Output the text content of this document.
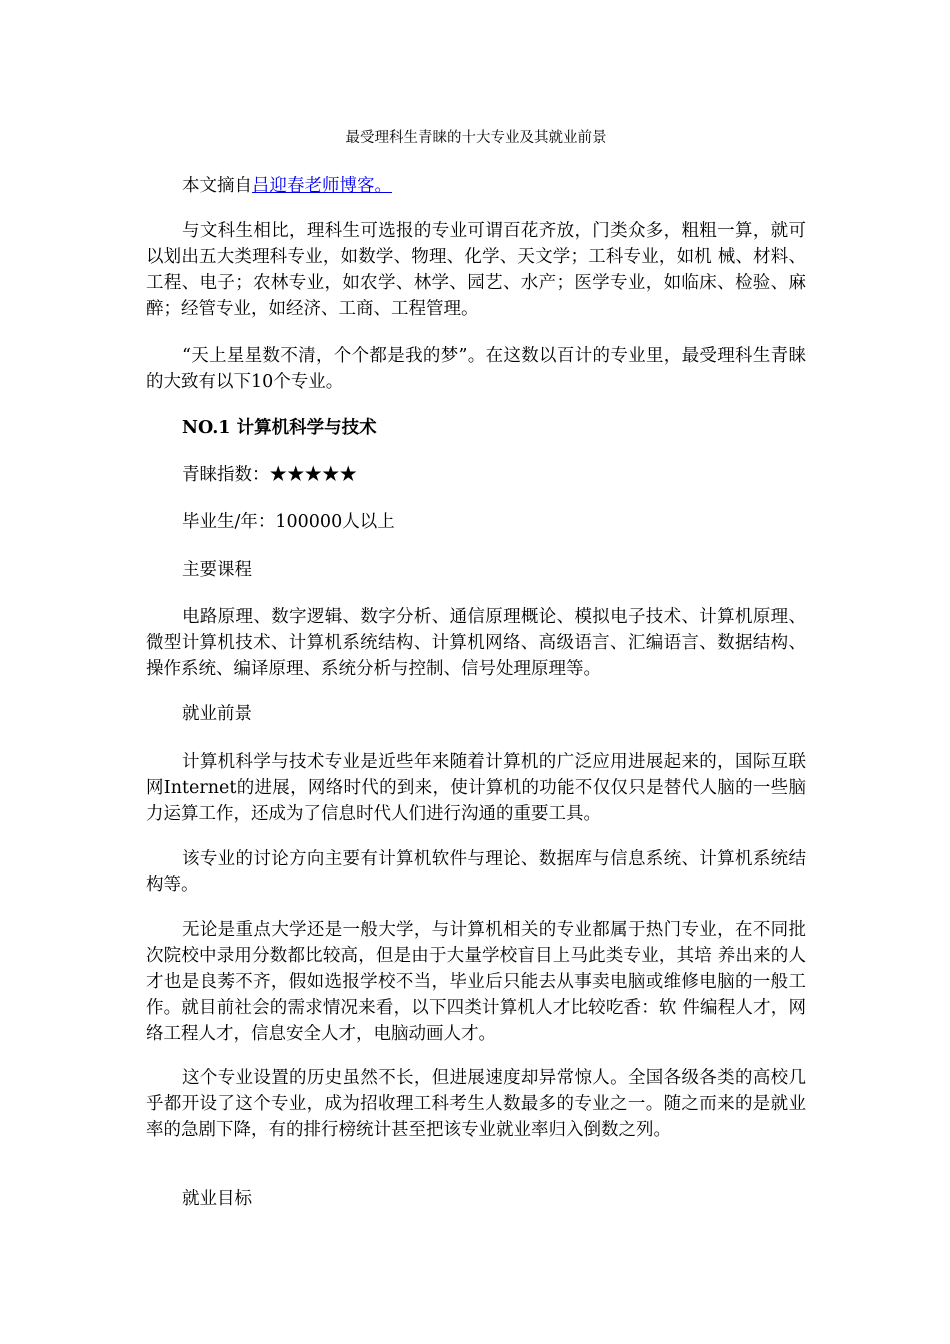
最受理科生青睐的十大专业及其就业前景

本文摘自吕迎春老师博客。

与文科生相比，理科生可选报的专业可谓百花齐放，门类众多，粗粗一算，就可以划出五大类理科专业，如数学、物理、化学、天文学；工科专业，如机 械、材料、工程、电子；农林专业，如农学、林学、园艺、水产；医学专业，如临床、检验、麻醉；经管专业，如经济、工商、工程管理。

“天上星星数不清，个个都是我的梦”。在这数以百计的专业里，最受理科生青睐的大致有以下10个专业。

NO.1 计算机科学与技术

青睐指数：★★★★★

毕业生/年：100000人以上

主要课程

电路原理、数字逻辑、数字分析、通信原理概论、模拟电子技术、计算机原理、微型计算机技术、计算机系统结构、计算机网络、高级语言、汇编语言、数据结构、操作系统、编译原理、系统分析与控制、信号处理原理等。

就业前景

计算机科学与技术专业是近些年来随着计算机的广泛应用进展起来的，国际互联网Internet的进展，网络时代的到来，使计算机的功能不仅仅只是替代人脑的一些脑力运算工作，还成为了信息时代人们进行沟通的重要工具。

该专业的讨论方向主要有计算机软件与理论、数据库与信息系统、计算机系统结构等。

无论是重点大学还是一般大学，与计算机相关的专业都属于热门专业，在不同批次院校中录用分数都比较高，但是由于大量学校盲目上马此类专业，其培 养出来的人才也是良莠不齐，假如选报学校不当，毕业后只能去从事卖电脑或维修电脑的一般工作。就目前社会的需求情况来看，以下四类计算机人才比较吃香：软 件编程人才，网络工程人才，信息安全人才，电脑动画人才。

这个专业设置的历史虽然不长，但进展速度却异常惊人。全国各级各类的高校几乎都开设了这个专业，成为招收理工科考生人数最多的专业之一。随之而来的是就业率的急剧下降，有的排行榜统计甚至把该专业就业率归入倒数之列。

就业目标
